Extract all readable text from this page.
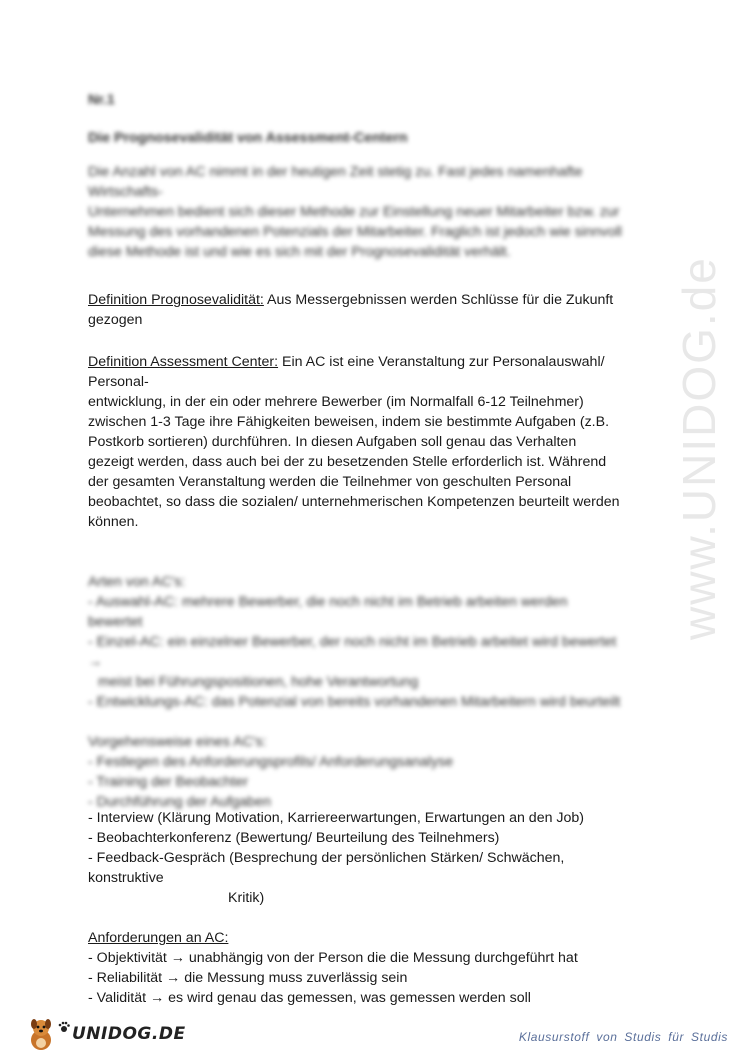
www.UNIDOG.de
Nr.1
Die Prognosevalidität von Assessment-Centern
Die Anzahl von AC nimmt in der heutigen Zeit stetig zu. Fast jedes namenhafte
Wirtschafts-
Unternehmen bedient sich dieser Methode zur Einstellung neuer Mitarbeiter bzw. zur
Messung des vorhandenen Potenzials der Mitarbeiter. Fraglich ist jedoch wie sinnvoll
diese Methode ist und wie es sich mit der Prognosevalidität verhält.
Definition Prognosevalidität: Aus Messergebnissen werden Schlüsse für die Zukunft
gezogen
Definition Assessment Center: Ein AC ist eine Veranstaltung zur Personalauswahl/
Personal-
entwicklung, in der ein oder mehrere Bewerber (im Normalfall 6-12 Teilnehmer)
zwischen 1-3 Tage ihre Fähigkeiten beweisen, indem sie bestimmte Aufgaben (z.B.
Postkorb sortieren) durchführen. In diesen Aufgaben soll genau das Verhalten
gezeigt werden, dass auch bei der zu besetzenden Stelle erforderlich ist. Während
der gesamten Veranstaltung werden die Teilnehmer von geschulten Personal
beobachtet, so dass die sozialen/ unternehmerischen Kompetenzen beurteilt werden
können.
Arten von AC's:
- Auswahl-AC: mehrere Bewerber, die noch nicht im Betrieb arbeiten werden
bewertet
- Einzel-AC: ein einzelner Bewerber, der noch nicht im Betrieb arbeitet wird bewertet
→
meist bei Führungspositionen, hohe Verantwortung
- Entwicklungs-AC: das Potenzial von bereits vorhandenen Mitarbeitern wird beurteilt
Vorgehensweise eines AC's:
- Festlegen des Anforderungsprofils/ Anforderungsanalyse
- Training der Beobachter
- Durchführung der Aufgaben
- Interview (Klärung Motivation, Karriereerwartungen, Erwartungen an den Job)
- Beobachterkonferenz (Bewertung/ Beurteilung des Teilnehmers)
- Feedback-Gespräch (Besprechung der persönlichen Stärken/ Schwächen,
konstruktive
Kritik)
Anforderungen an AC:
- Objektivität → unabhängig von der Person die die Messung durchgeführt hat
- Reliabilität → die Messung muss zuverlässig sein
- Validität → es wird genau das gemessen, was gemessen werden soll
UNIDOG.DE	Klausurstoff von Studis für Studis
